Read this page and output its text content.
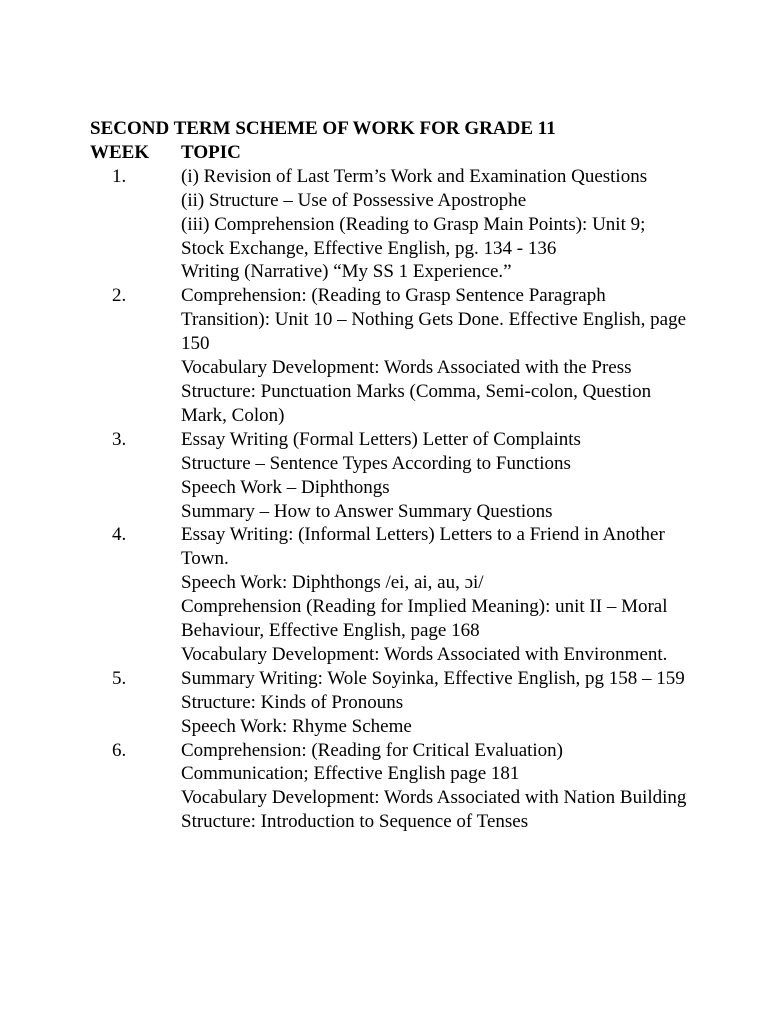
SECOND TERM SCHEME OF WORK FOR GRADE 11
WEEK	TOPIC
1.	(i) Revision of Last Term’s Work and Examination Questions
(ii) Structure – Use of Possessive Apostrophe
(iii) Comprehension (Reading to Grasp Main Points): Unit 9; Stock Exchange, Effective English, pg. 134 - 136
Writing (Narrative) “My SS 1 Experience.”
2.	Comprehension: (Reading to Grasp Sentence Paragraph Transition): Unit 10 – Nothing Gets Done. Effective English, page 150
Vocabulary Development: Words Associated with the Press
Structure: Punctuation Marks (Comma, Semi-colon, Question Mark, Colon)
3.	Essay Writing (Formal Letters) Letter of Complaints
Structure – Sentence Types According to Functions
Speech Work – Diphthongs
Summary – How to Answer Summary Questions
4.	Essay Writing: (Informal Letters) Letters to a Friend in Another Town.
Speech Work: Diphthongs /ei, ai, au, ɔi/
Comprehension (Reading for Implied Meaning): unit II – Moral Behaviour, Effective English, page 168
Vocabulary Development: Words Associated with Environment.
5.	Summary Writing: Wole Soyinka, Effective English, pg 158 – 159
Structure: Kinds of Pronouns
Speech Work: Rhyme Scheme
6.	Comprehension: (Reading for Critical Evaluation) Communication; Effective English page 181
Vocabulary Development: Words Associated with Nation Building
Structure: Introduction to Sequence of Tenses
